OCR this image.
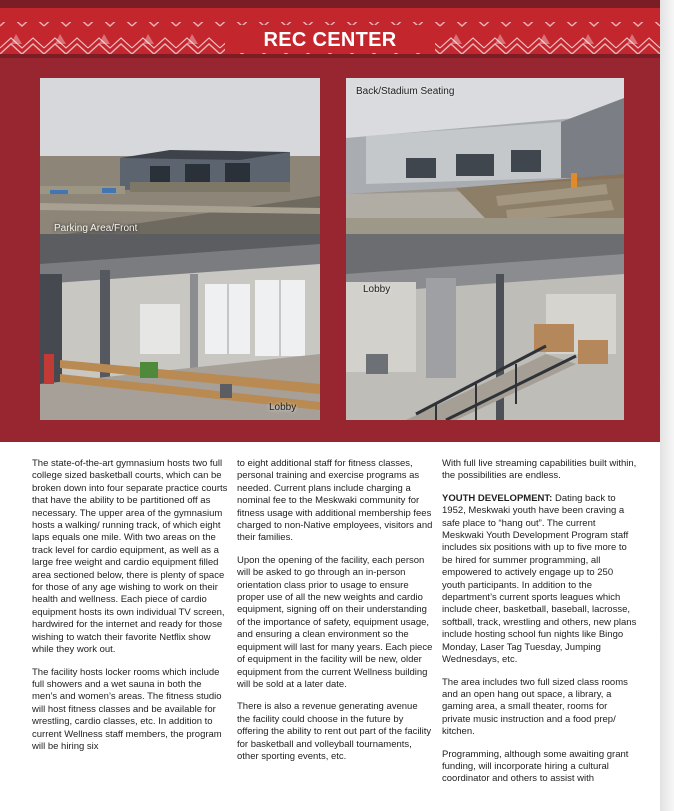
REC CENTER
Parking Area/Front
Back/Stadium Seating
Lobby
Lobby

The state-of-the-art gymnasium hosts two full college sized basketball courts, which can be broken down into four separate practice courts that have the ability to be partitioned off as necessary. The upper area of the gymnasium hosts a walking/ running track, of which eight laps equals one mile. With two areas on the track level for cardio equipment, as well as a large free weight and cardio equipment filled area sectioned below, there is plenty of space for those of any age wishing to work on their health and wellness. Each piece of cardio equipment hosts its own individual TV screen, hardwired for the internet and ready for those wishing to watch their favorite Netflix show while they work out.

The facility hosts locker rooms which include full showers and a wet sauna in both the men’s and women’s areas. The fitness studio will host fitness classes and be available for wrestling, cardio classes, etc. In addition to current Wellness staff members, the program will be hiring six

to eight additional staff for fitness classes, personal training and exercise programs as needed. Current plans include charging a nominal fee to the Meskwaki community for fitness usage with additional membership fees charged to non-Native employees, visitors and their families.

Upon the opening of the facility, each person will be asked to go through an in-person orientation class prior to usage to ensure proper use of all the new weights and cardio equipment, signing off on their understanding of the importance of safety, equipment usage, and ensuring a clean environment so the equipment will last for many years. Each piece of equipment in the facility will be new, older equipment from the current Wellness building will be sold at a later date.

There is also a revenue generating avenue the facility could choose in the future by offering the ability to rent out part of the facility for basketball and volleyball tournaments, other sporting events, etc.

With full live streaming capabilities built within, the possibilities are endless.

YOUTH DEVELOPMENT: Dating back to 1952, Meskwaki youth have been craving a safe place to “hang out”. The current Meskwaki Youth Development Program staff includes six positions with up to five more to be hired for summer programming, all empowered to actively engage up to 250 youth participants. In addition to the department’s current sports leagues which include cheer, basketball, baseball, lacrosse, softball, track, wrestling and others, new plans include hosting school fun nights like Bingo Monday, Laser Tag Tuesday, Jumping Wednesdays, etc.

The area includes two full sized class rooms and an open hang out space, a library, a gaming area, a small theater, rooms for private music instruction and a food prep/ kitchen.

Programming, although some awaiting grant funding, will incorporate hiring a cultural coordinator and others to assist with
